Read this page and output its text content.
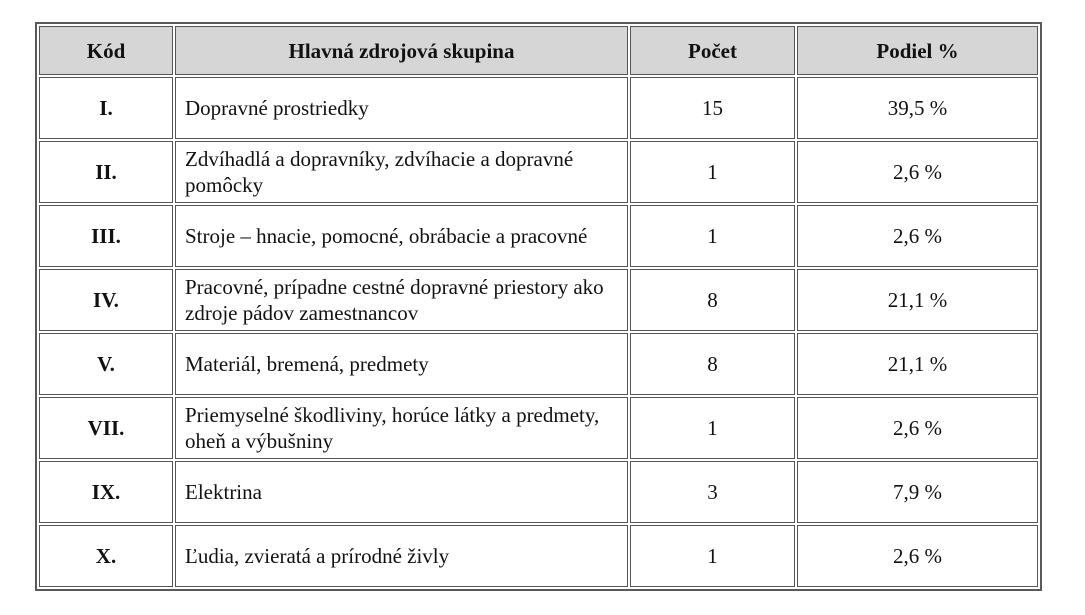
Kód	Hlavná zdrojová skupina	Počet	Podiel %
I.	Dopravné prostriedky	15	39,5 %
II.	Zdvíhadlá a dopravníky, zdvíhacie a dopravné pomôcky	1	2,6 %
III.	Stroje – hnacie, pomocné, obrábacie a pracovné	1	2,6 %
IV.	Pracovné, prípadne cestné dopravné priestory ako zdroje pádov zamestnancov	8	21,1 %
V.	Materiál, bremená, predmety	8	21,1 %
VII.	Priemyselné škodliviny, horúce látky a predmety, oheň a výbušniny	1	2,6 %
IX.	Elektrina	3	7,9 %
X.	Ľudia, zvieratá a prírodné živly	1	2,6 %
